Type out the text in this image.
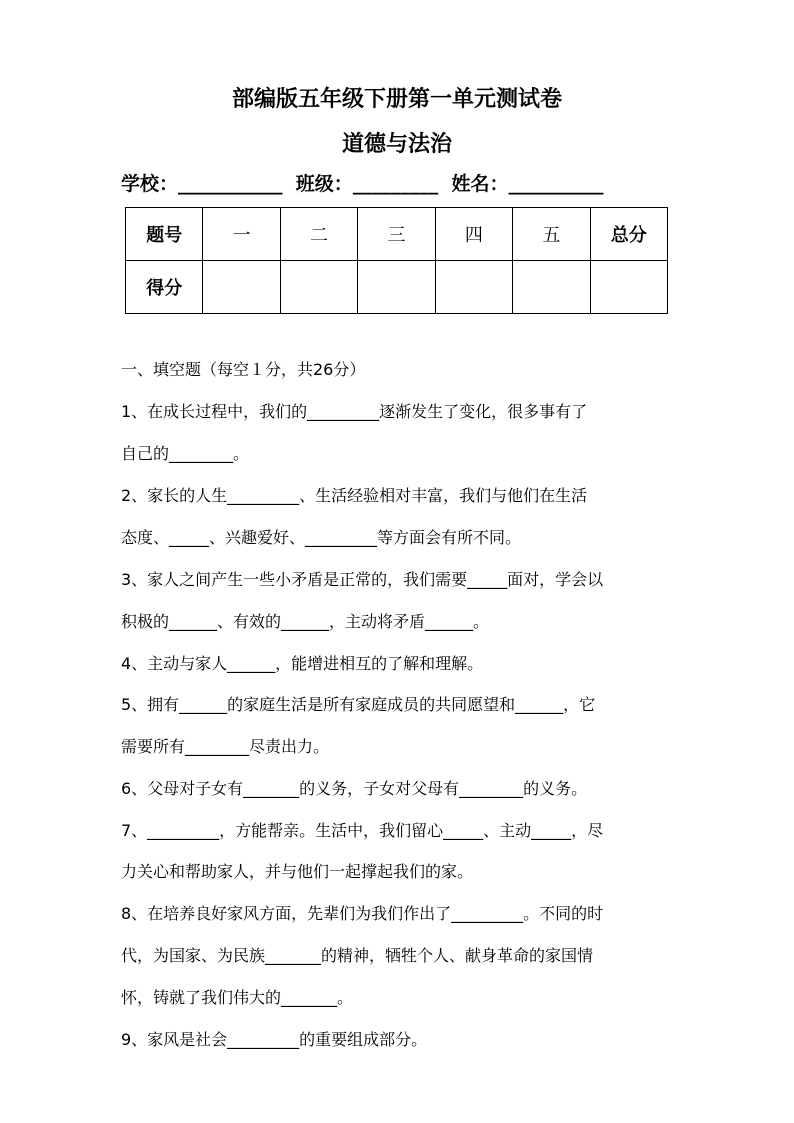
部编版五年级下册第一单元测试卷
道德与法治
学校：___________  班级：_________  姓名：__________
题号	一	二	三	四	五	总分
得分						
一、填空题（每空１分，共26分）
1、在成长过程中，我们的_________逐渐发生了变化，很多事有了
自己的________。
2、家长的人生_________、生活经验相对丰富，我们与他们在生活
态度、_____、兴趣爱好、_________等方面会有所不同。
3、家人之间产生一些小矛盾是正常的，我们需要_____面对，学会以
积极的______、有效的______，主动将矛盾______。
4、主动与家人______，能增进相互的了解和理解。
5、拥有______的家庭生活是所有家庭成员的共同愿望和______，它
需要所有________尽责出力。
6、父母对子女有_______的义务，子女对父母有________的义务。
7、_________，方能帮亲。生活中，我们留心_____、主动_____，尽
力关心和帮助家人，并与他们一起撑起我们的家。
8、在培养良好家风方面，先辈们为我们作出了_________。不同的时
代，为国家、为民族_______的精神，牺牲个人、献身革命的家国情
怀，铸就了我们伟大的_______。
9、家风是社会_________的重要组成部分。
